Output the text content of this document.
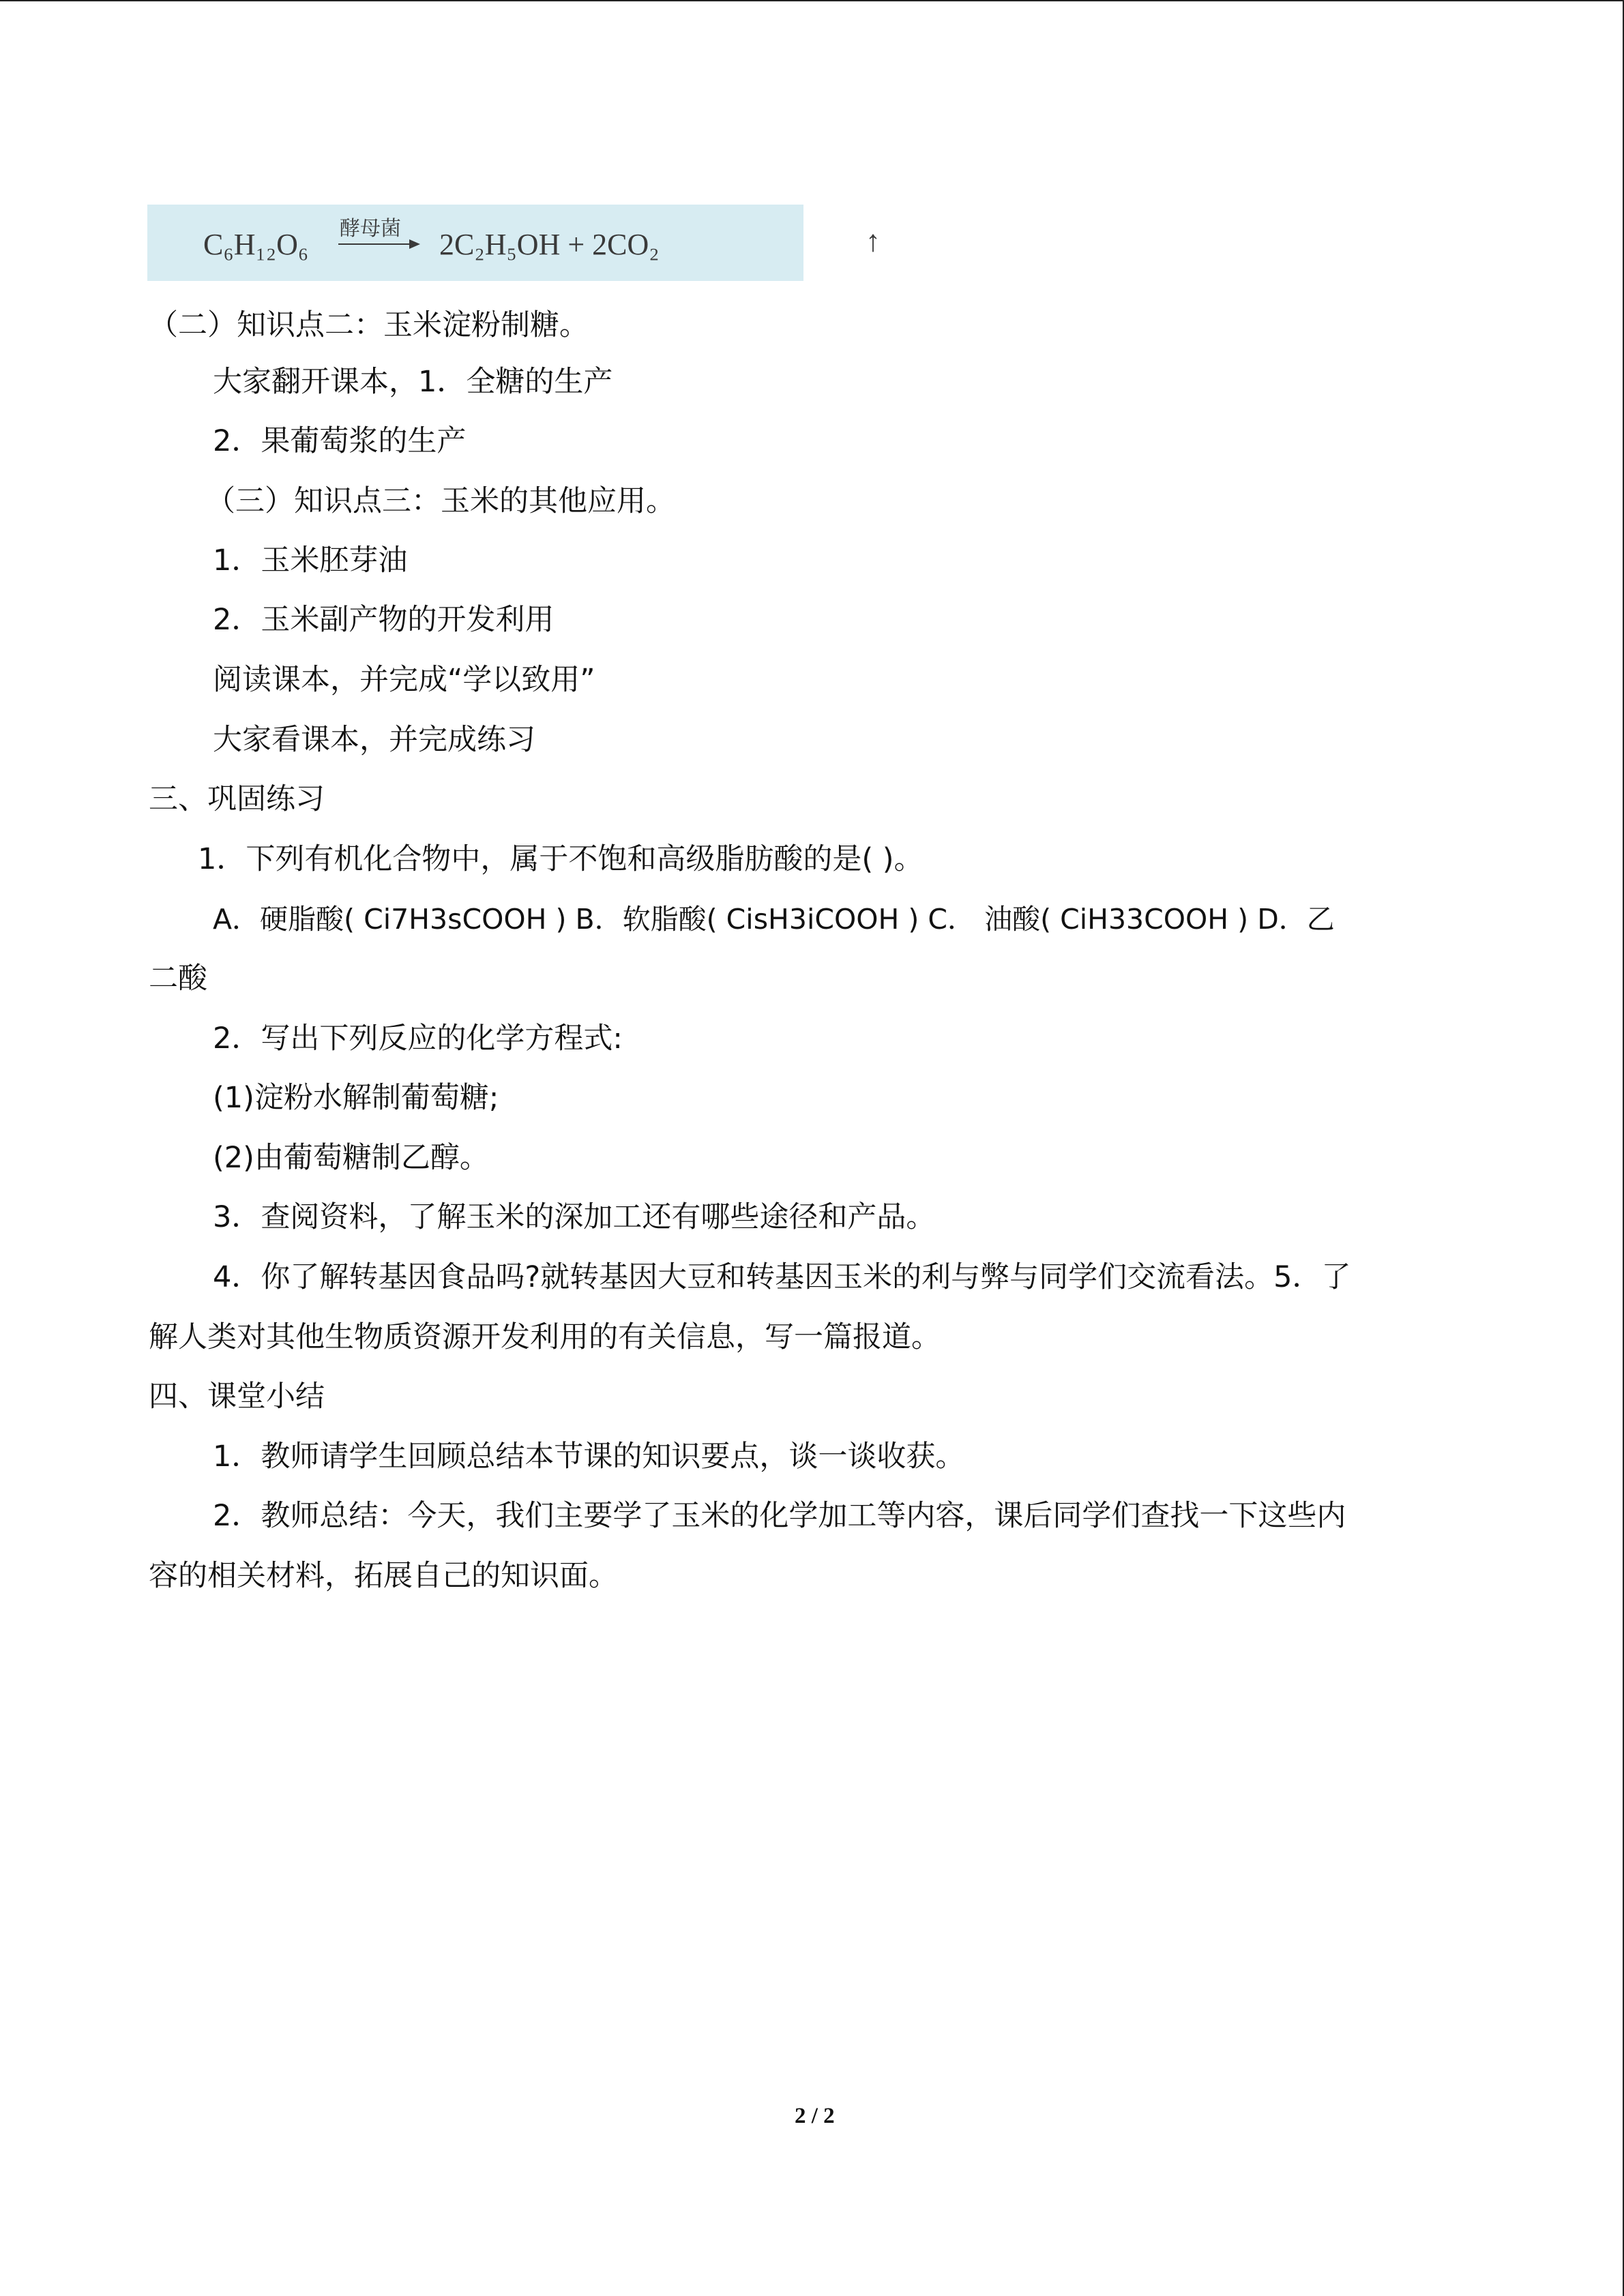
C₆H₁₂O₆ 酵母菌 2C₂H₅OH + 2CO₂	↑
（二）知识点二：玉米淀粉制糖。
大家翻开课本，1．全糖的生产
2．果葡萄浆的生产
（三）知识点三：玉米的其他应用。
1．玉米胚芽油
2．玉米副产物的开发利用
阅读课本，并完成“学以致用”
大家看课本，并完成练习
三、巩固练习
1．下列有机化合物中，属于不饱和高级脂肪酸的是( )。
A．硬脂酸( Ci7H3sCOOH ) B．软脂酸( CisH3iCOOH ) C． 油酸( CiH33COOH ) D．乙
二酸
2．写出下列反应的化学方程式:
(1)淀粉水解制葡萄糖;
(2)由葡萄糖制乙醇。
3．查阅资料，了解玉米的深加工还有哪些途径和产品。
4．你了解转基因食品吗?就转基因大豆和转基因玉米的利与弊与同学们交流看法。5．了
解人类对其他生物质资源开发利用的有关信息，写一篇报道。
四、课堂小结
1．教师请学生回顾总结本节课的知识要点，谈一谈收获。
2．教师总结：今天，我们主要学了玉米的化学加工等内容，课后同学们查找一下这些内
容的相关材料，拓展自己的知识面。
2 / 2
